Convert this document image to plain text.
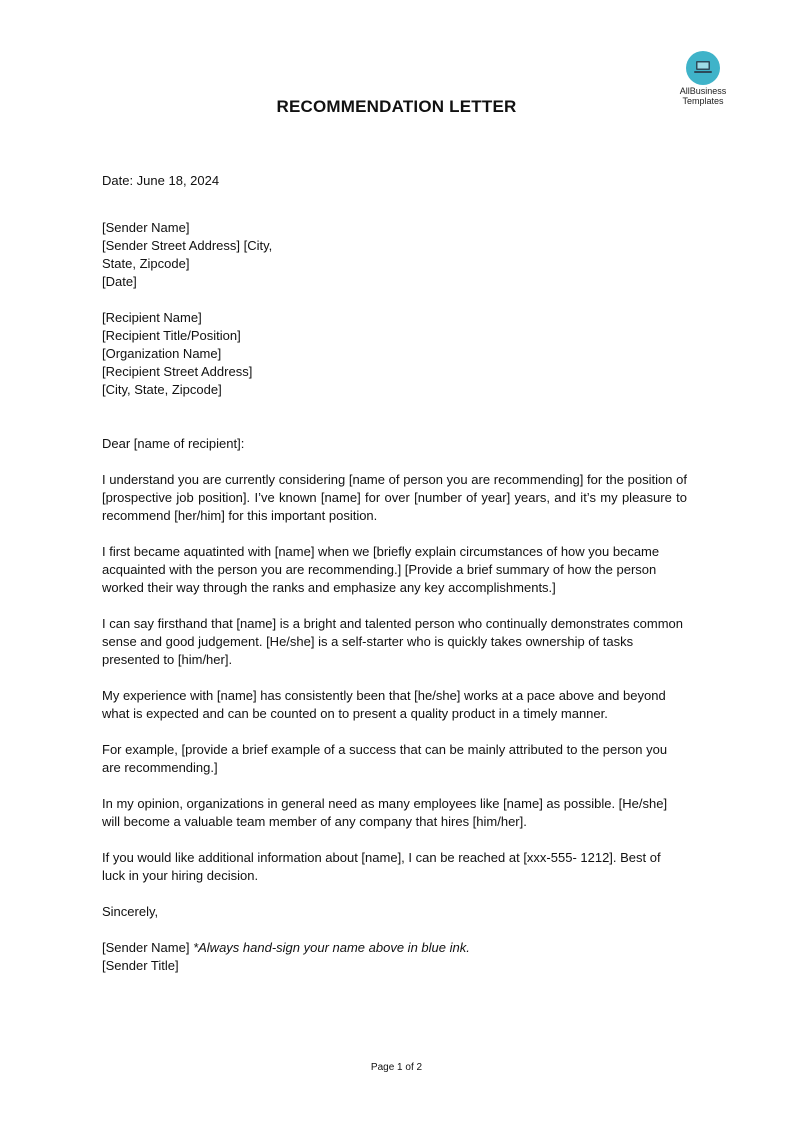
AllBusiness
Templates
RECOMMENDATION LETTER

Date: June 18, 2024

[Sender Name]

[Sender Street Address] [City,

State, Zipcode]

[Date]

[Recipient Name]

[Recipient Title/Position]

[Organization Name]

[Recipient Street Address]

[City, State, Zipcode]

Dear [name of recipient]:

I understand you are currently considering [name of person you are recommending] for the position of [prospective job position]. I’ve known [name] for over [number of year] years, and it’s my pleasure to recommend [her/him] for this important position.

I first became aquatinted with [name] when we [briefly explain circumstances of how you became acquainted with the person you are recommending.] [Provide a brief summary of how the person worked their way through the ranks and emphasize any key accomplishments.]

I can say firsthand that [name] is a bright and talented person who continually demonstrates common sense and good judgement. [He/she] is a self-starter who is quickly takes ownership of tasks presented to [him/her].

My experience with [name] has consistently been that [he/she] works at a pace above and beyond what is expected and can be counted on to present a quality product in a timely manner.

For example, [provide a brief example of a success that can be mainly attributed to the person you are recommending.]

In my opinion, organizations in general need as many employees like [name] as possible. [He/she] will become a valuable team member of any company that hires [him/her].

If you would like additional information about [name], I can be reached at [xxx-555- 1212]. Best of luck in your hiring decision.

Sincerely,

[Sender Name] *Always hand-sign your name above in blue ink.

[Sender Title]

Page 1 of 2
